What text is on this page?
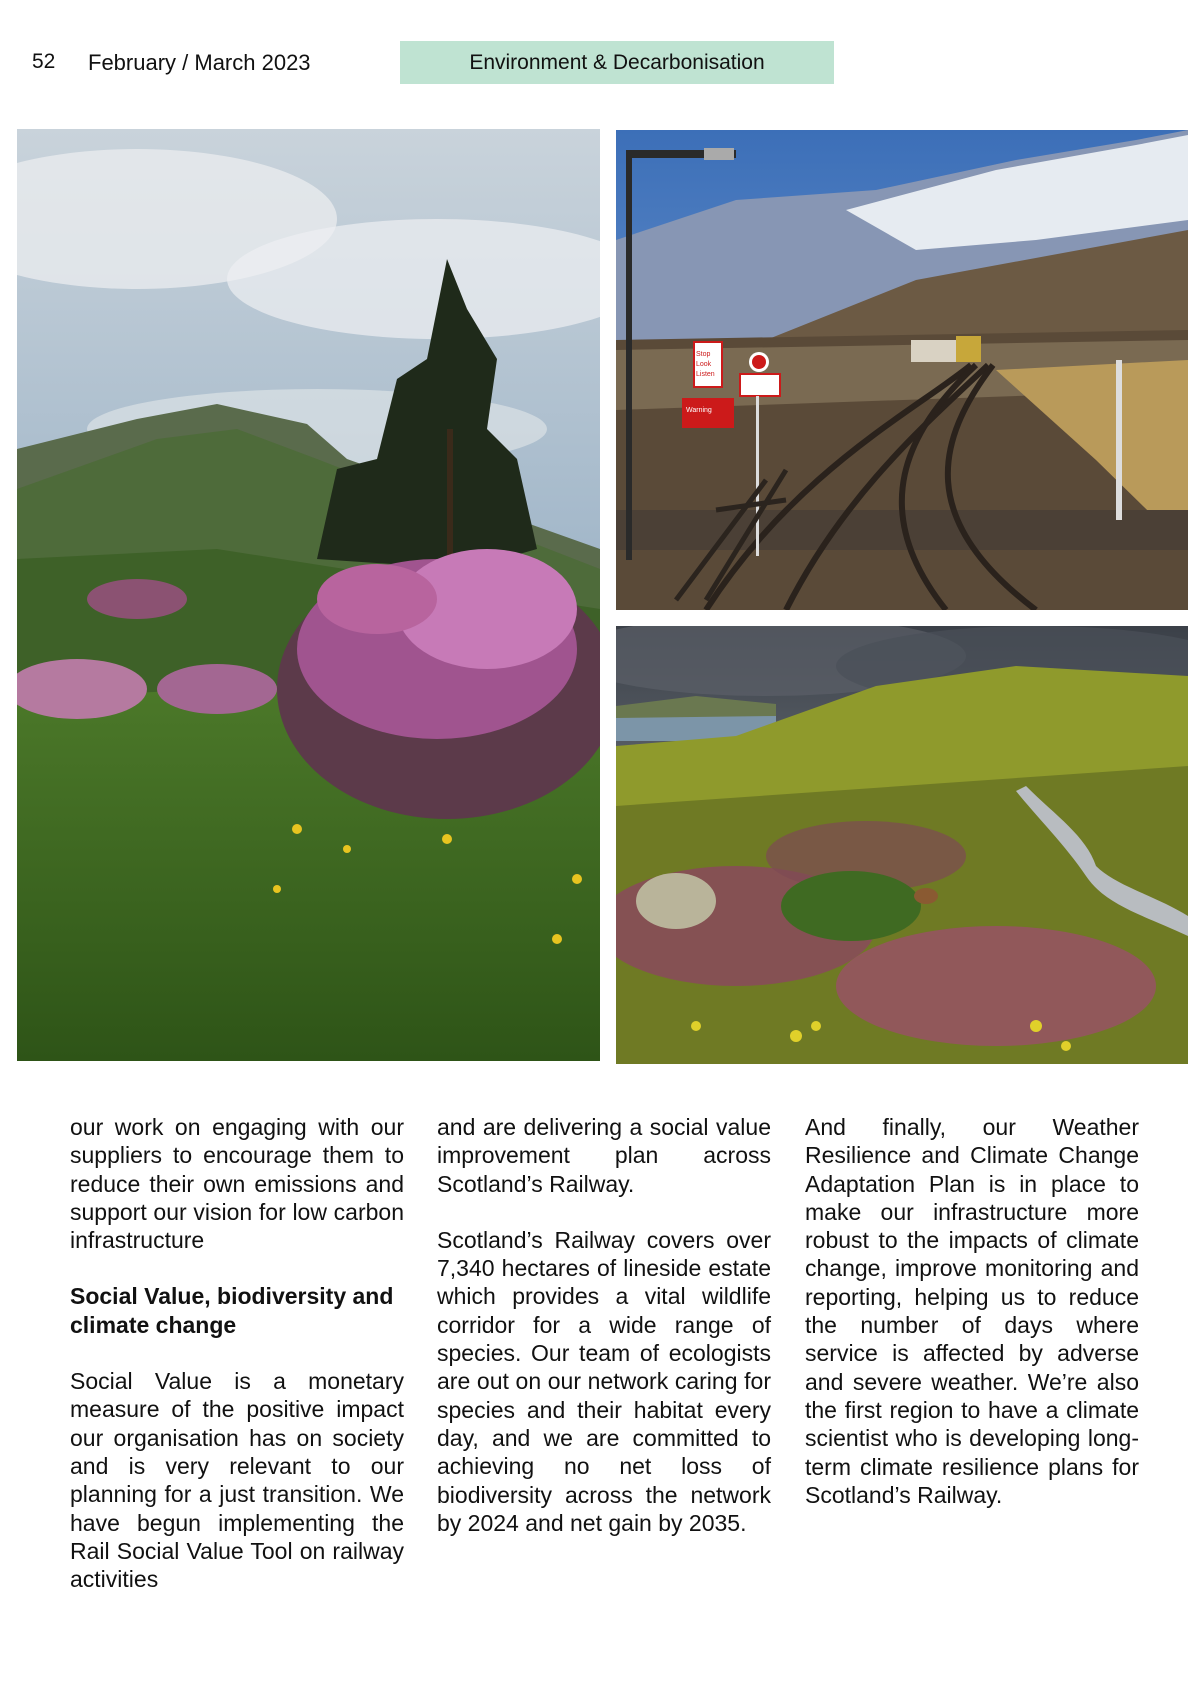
52 February / March 2023	Environment & Decarbonisation
Stop
Look
Listen
Warning

our work on engaging with our suppliers to encourage them to reduce their own emissions and support our vision for low carbon infrastructure

Social Value, biodiversity and climate change

Social Value is a monetary measure of the positive impact our organisation has on society and is very relevant to our planning for a just transition. We have begun implementing the Rail Social Value Tool on railway activities

and are delivering a social value improvement plan across Scotland’s Railway.

Scotland’s Railway covers over 7,340 hectares of lineside estate which provides a vital wildlife corridor for a wide range of species. Our team of ecologists are out on our network caring for species and their habitat every day, and we are committed to achieving no net loss of biodiversity across the network by 2024 and net gain by 2035.

And finally, our Weather Resilience and Climate Change Adaptation Plan is in place to make our infrastructure more robust to the impacts of climate change, improve monitoring and reporting, helping us to reduce the number of days where service is affected by adverse and severe weather. We’re also the first region to have a climate scientist who is developing long-term climate resilience plans for Scotland’s Railway.
